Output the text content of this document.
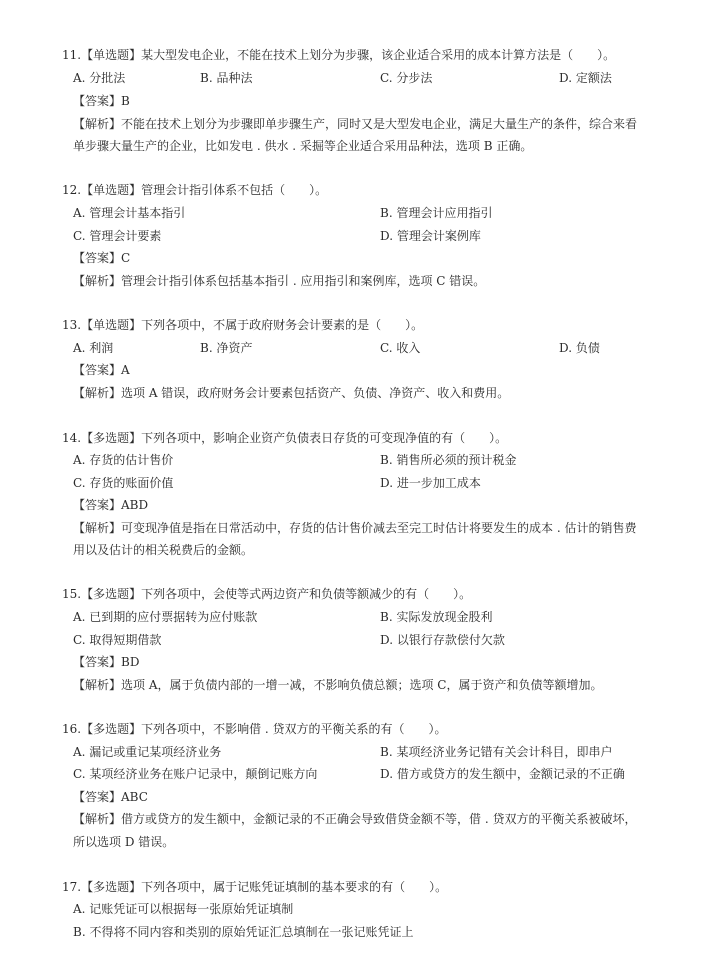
11.【单选题】某大型发电企业，不能在技术上划分为步骤，该企业适合采用的成本计算方法是（　　）。
A. 分批法	B. 品种法	C. 分步法	D. 定额法
【答案】B
【解析】不能在技术上划分为步骤即单步骤生产，同时又是大型发电企业，满足大量生产的条件，综合来看
单步骤大量生产的企业，比如发电 . 供水 . 采掘等企业适合采用品种法，选项 B 正确。
12.【单选题】管理会计指引体系不包括（　　）。
A. 管理会计基本指引	B. 管理会计应用指引
C. 管理会计要素	D. 管理会计案例库
【答案】C
【解析】管理会计指引体系包括基本指引 . 应用指引和案例库，选项 C 错误。
13.【单选题】下列各项中，不属于政府财务会计要素的是（　　）。
A. 利润	B. 净资产	C. 收入	D. 负债
【答案】A
【解析】选项 A 错误，政府财务会计要素包括资产、负债、净资产、收入和费用。
14.【多选题】下列各项中，影响企业资产负债表日存货的可变现净值的有（　　）。
A. 存货的估计售价	B. 销售所必须的预计税金
C. 存货的账面价值	D. 进一步加工成本
【答案】ABD
【解析】可变现净值是指在日常活动中，存货的估计售价减去至完工时估计将要发生的成本 . 估计的销售费
用以及估计的相关税费后的金额。
15.【多选题】下列各项中，会使等式两边资产和负债等额减少的有（　　）。
A. 已到期的应付票据转为应付账款	B. 实际发放现金股利
C. 取得短期借款	D. 以银行存款偿付欠款
【答案】BD
【解析】选项 A，属于负债内部的一增一减，不影响负债总额；选项 C，属于资产和负债等额增加。
16.【多选题】下列各项中，不影响借 . 贷双方的平衡关系的有（　　）。
A. 漏记或重记某项经济业务	B. 某项经济业务记错有关会计科目，即串户
C. 某项经济业务在账户记录中，颠倒记账方向	D. 借方或贷方的发生额中，金额记录的不正确
【答案】ABC
【解析】借方或贷方的发生额中，金额记录的不正确会导致借贷金额不等，借 . 贷双方的平衡关系被破坏，
所以选项 D 错误。
17.【多选题】下列各项中，属于记账凭证填制的基本要求的有（　　）。
A. 记账凭证可以根据每一张原始凭证填制
B. 不得将不同内容和类别的原始凭证汇总填制在一张记账凭证上
